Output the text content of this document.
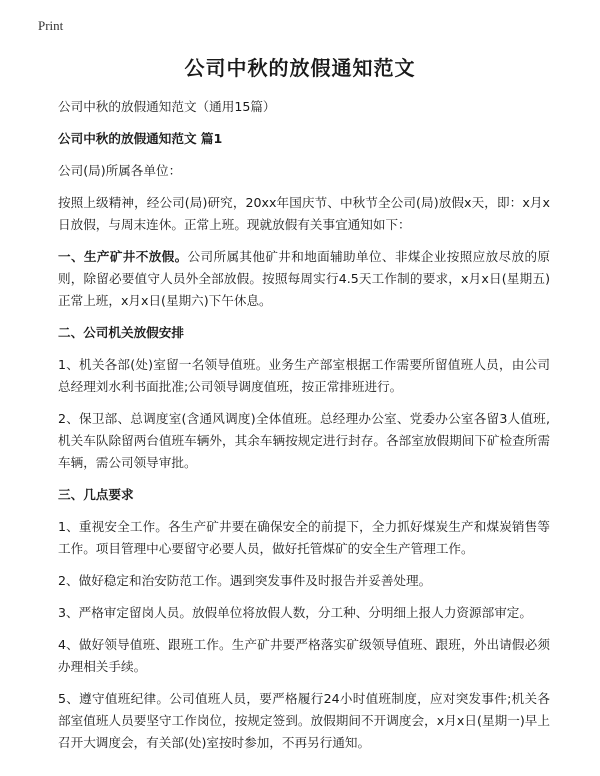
Print
公司中秋的放假通知范文

公司中秋的放假通知范文（通用15篇）

公司中秋的放假通知范文 篇1

公司(局)所属各单位：

按照上级精神，经公司(局)研究，20xx年国庆节、中秋节全公司(局)放假x天，即：x月x日放假，与周末连休。正常上班。现就放假有关事宜通知如下：

一、生产矿井不放假。公司所属其他矿井和地面辅助单位、非煤企业按照应放尽放的原则，除留必要值守人员外全部放假。按照每周实行4.5天工作制的要求，x月x日(星期五)正常上班，x月x日(星期六)下午休息。

二、公司机关放假安排

1、机关各部(处)室留一名领导值班。业务生产部室根据工作需要所留值班人员，由公司总经理刘水利书面批准;公司领导调度值班，按正常排班进行。

2、保卫部、总调度室(含通风调度)全体值班。总经理办公室、党委办公室各留3人值班,机关车队除留两台值班车辆外，其余车辆按规定进行封存。各部室放假期间下矿检查所需车辆，需公司领导审批。

三、几点要求

1、重视安全工作。各生产矿井要在确保安全的前提下，全力抓好煤炭生产和煤炭销售等工作。项目管理中心要留守必要人员，做好托管煤矿的安全生产管理工作。

2、做好稳定和治安防范工作。遇到突发事件及时报告并妥善处理。

3、严格审定留岗人员。放假单位将放假人数，分工种、分明细上报人力资源部审定。

4、做好领导值班、跟班工作。生产矿井要严格落实矿级领导值班、跟班，外出请假必须办理相关手续。

5、遵守值班纪律。公司值班人员，要严格履行24小时值班制度，应对突发事件;机关各部室值班人员要坚守工作岗位，按规定签到。放假期间不开调度会，x月x日(星期一)早上召开大调度会，有关部(处)室按时参加，不再另行通知。
